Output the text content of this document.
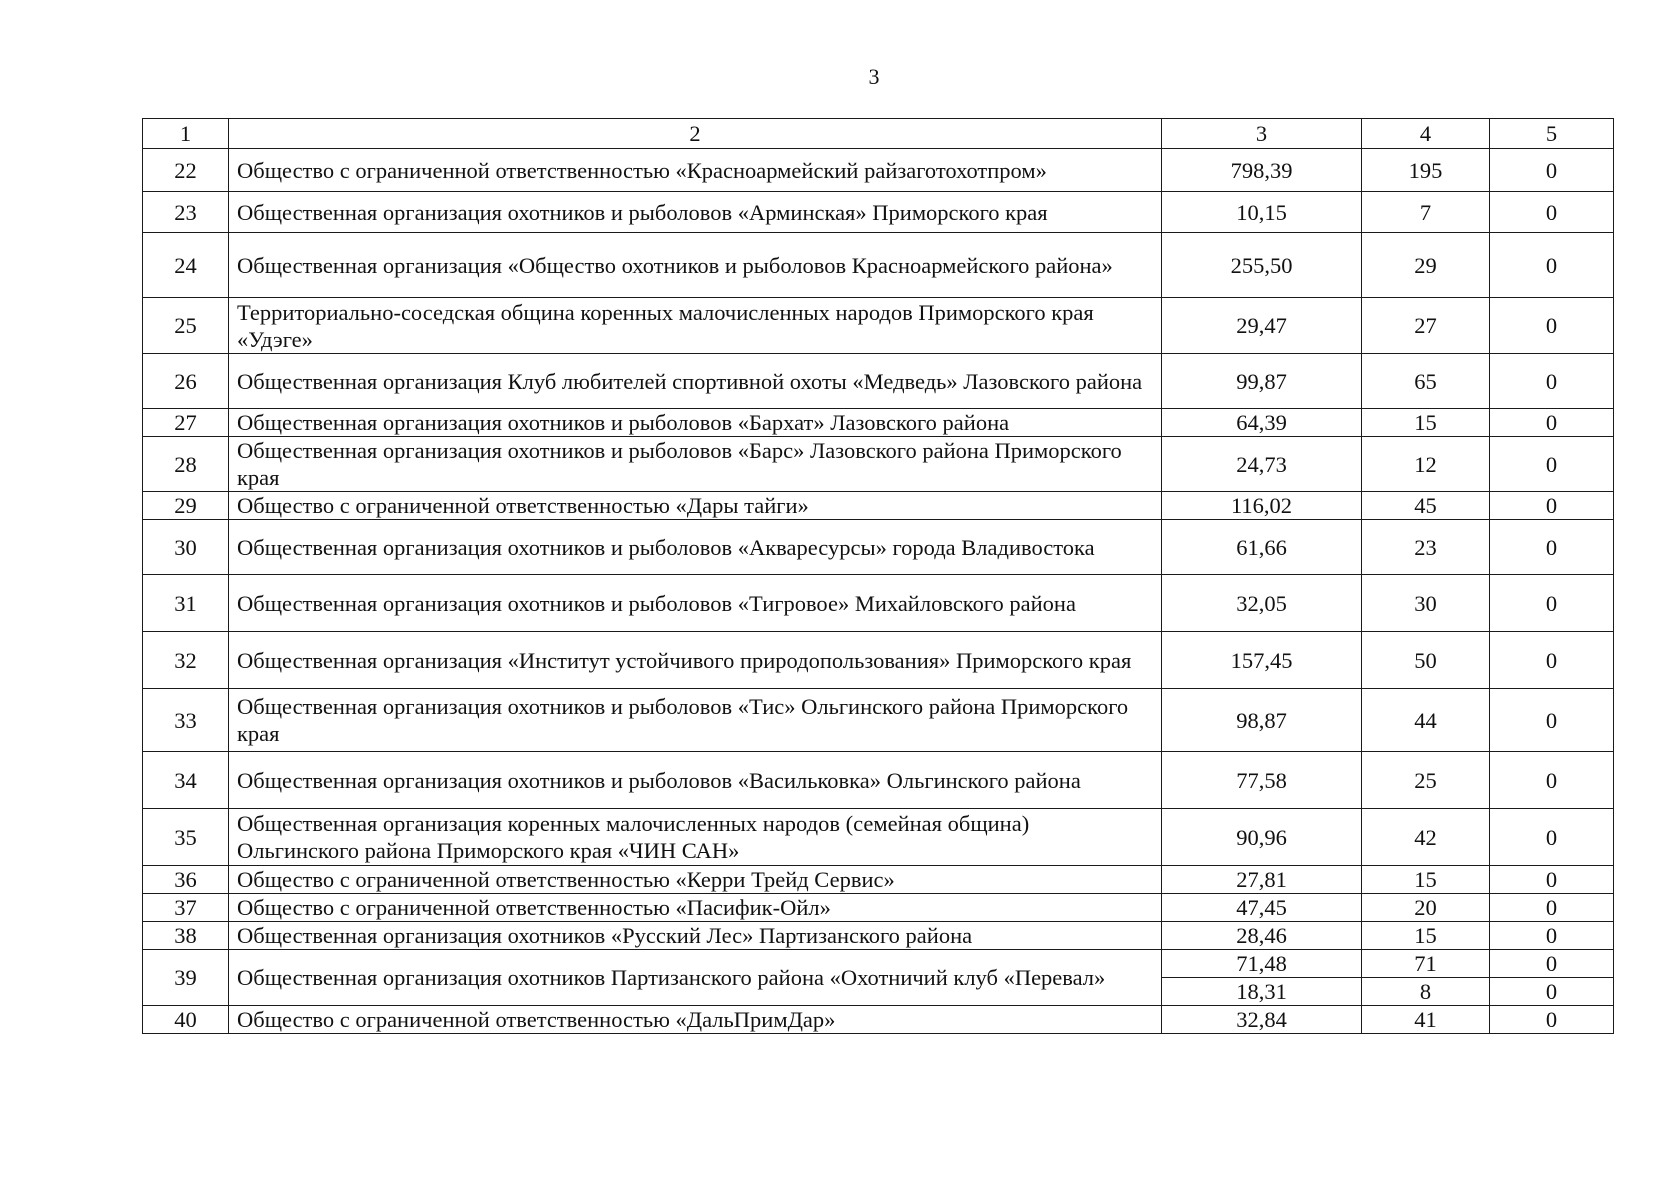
3
1	2	3	4	5
22	Общество с ограниченной ответственностью «Красноармейский райзаготохотпром»	798,39	195	0
23	Общественная организация охотников и рыболовов «Арминская» Приморского края	10,15	7	0
24	Общественная организация «Общество охотников и рыболовов Красноармейского района»	255,50	29	0
25	Территориально-соседская община коренных малочисленных народов Приморского края «Удэге»	29,47	27	0
26	Общественная организация Клуб любителей спортивной охоты «Медведь» Лазовского района	99,87	65	0
27	Общественная организация охотников и рыболовов «Бархат» Лазовского района	64,39	15	0
28	Общественная организация охотников и рыболовов «Барс» Лазовского района Приморского края	24,73	12	0
29	Общество с ограниченной ответственностью «Дары тайги»	116,02	45	0
30	Общественная организация охотников и рыболовов «Акваресурсы» города Владивостока	61,66	23	0
31	Общественная организация охотников и рыболовов «Тигровое» Михайловского района	32,05	30	0
32	Общественная организация «Институт устойчивого природопользования» Приморского края	157,45	50	0
33	Общественная организация охотников и рыболовов «Тис» Ольгинского района Приморского края	98,87	44	0
34	Общественная организация охотников и рыболовов «Васильковка» Ольгинского района	77,58	25	0
35	Общественная организация коренных малочисленных народов (семейная община) Ольгинского района Приморского края «ЧИН САН»	90,96	42	0
36	Общество с ограниченной ответственностью «Керри Трейд Сервис»	27,81	15	0
37	Общество с ограниченной ответственностью «Пасифик-Ойл»	47,45	20	0
38	Общественная организация охотников «Русский Лес» Партизанского района	28,46	15	0
39	Общественная организация охотников Партизанского района «Охотничий клуб «Перевал»	71,48	71	0
		18,31	8	0
40	Общество с ограниченной ответственностью «ДальПримДар»	32,84	41	0
